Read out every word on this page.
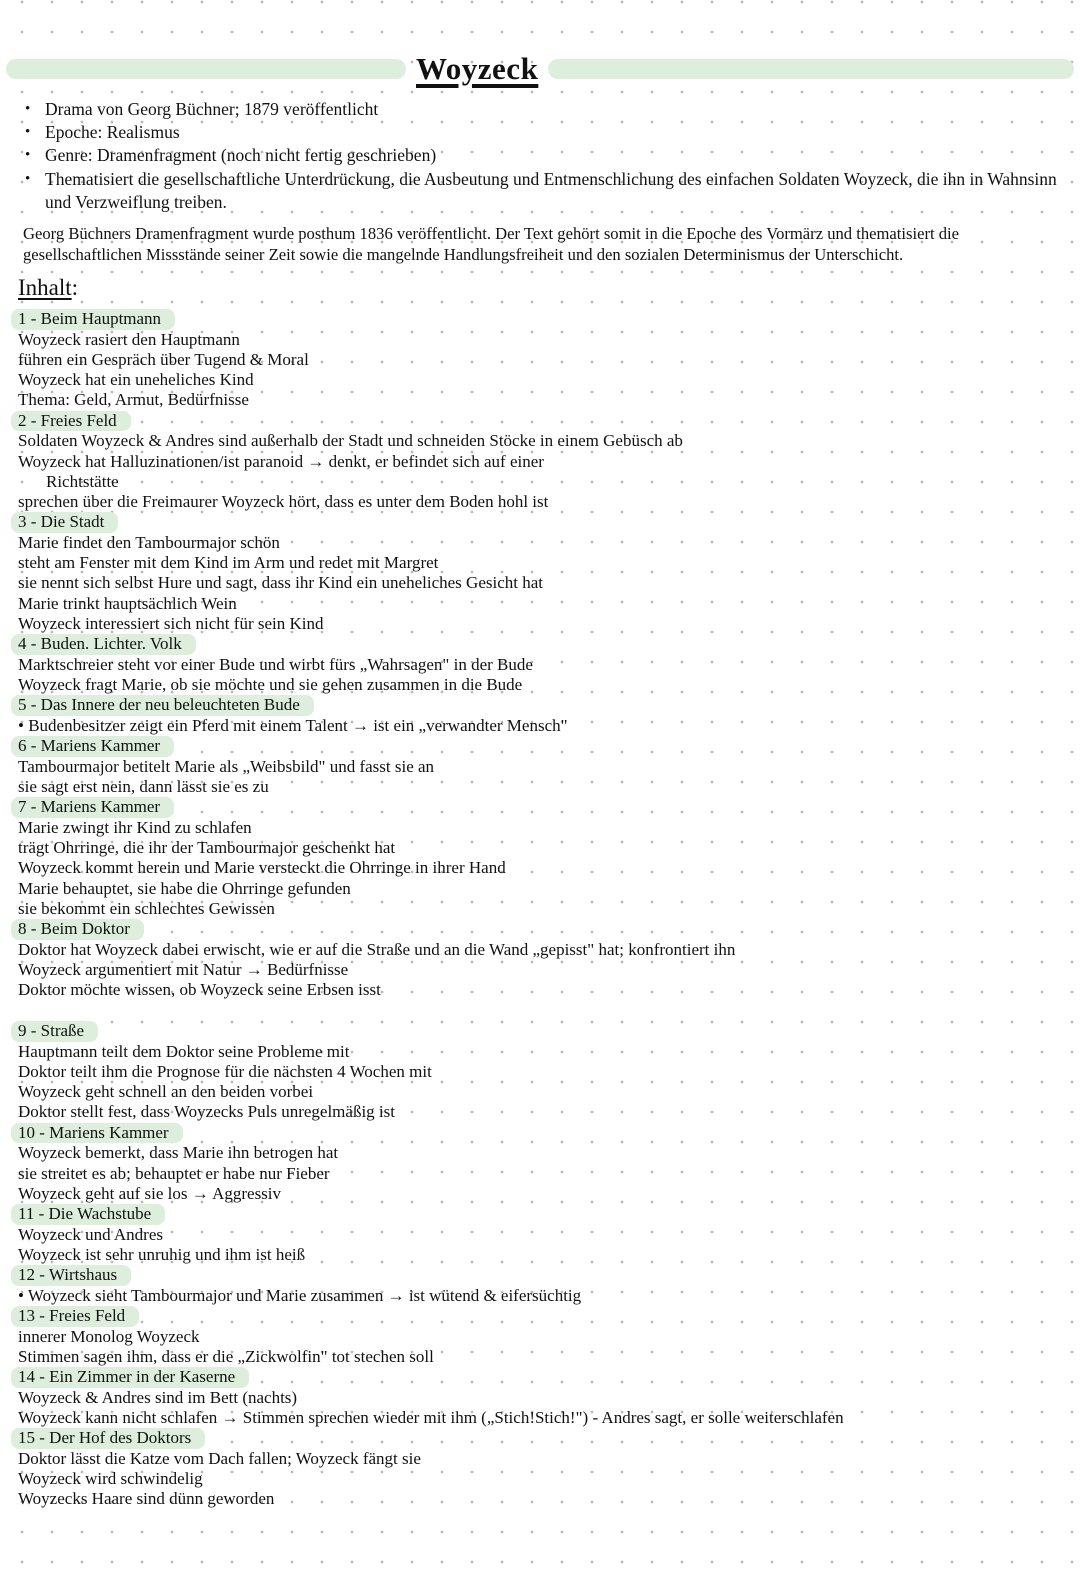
Woyzeck
• Drama von Georg Büchner; 1879 veröffentlicht
• Epoche: Realismus
• Genre: Dramenfragment (noch nicht fertig geschrieben)
• Thematisiert die gesellschaftliche Unterdrückung, die Ausbeutung und Entmenschlichung des einfachen Soldaten Woyzeck, die ihn in Wahnsinn und Verzweiflung treiben.

Georg Büchners Dramenfragment wurde posthum 1836 veröffentlicht. Der Text gehört somit in die Epoche des Vormärz und thematisiert die gesellschaftlichen Missstände seiner Zeit sowie die mangelnde Handlungsfreiheit und den sozialen Determinismus der Unterschicht.

Inhalt:
1 - Beim Hauptmann
Woyzeck rasiert den Hauptmann
führen ein Gespräch über Tugend & Moral
Woyzeck hat ein uneheliches Kind
Thema: Geld, Armut, Bedürfnisse
2 - Freies Feld
Soldaten Woyzeck & Andres sind außerhalb der Stadt und schneiden Stöcke in einem Gebüsch ab
Woyzeck hat Halluzinationen/ist paranoid → denkt, er befindet sich auf einer
Richtstätte
sprechen über die Freimaurer Woyzeck hört, dass es unter dem Boden hohl ist
3 - Die Stadt
Marie findet den Tambourmajor schön
steht am Fenster mit dem Kind im Arm und redet mit Margret
sie nennt sich selbst Hure und sagt, dass ihr Kind ein uneheliches Gesicht hat
Marie trinkt hauptsächlich Wein
Woyzeck interessiert sich nicht für sein Kind
4 - Buden. Lichter. Volk
Marktschreier steht vor einer Bude und wirbt fürs „Wahrsagen" in der Bude
Woyzeck fragt Marie, ob sie möchte und sie gehen zusammen in die Bude
5 - Das Innere der neu beleuchteten Bude
• Budenbesitzer zeigt ein Pferd mit einem Talent → ist ein „verwandter Mensch"
6 - Mariens Kammer
Tambourmajor betitelt Marie als „Weibsbild" und fasst sie an
sie sagt erst nein, dann lässt sie es zu
7 - Mariens Kammer
Marie zwingt ihr Kind zu schlafen
trägt Ohrringe, die ihr der Tambourmajor geschenkt hat
Woyzeck kommt herein und Marie versteckt die Ohrringe in ihrer Hand
Marie behauptet, sie habe die Ohrringe gefunden
sie bekommt ein schlechtes Gewissen
8 - Beim Doktor
Doktor hat Woyzeck dabei erwischt, wie er auf die Straße und an die Wand „gepisst" hat; konfrontiert ihn
Woyzeck argumentiert mit Natur → Bedürfnisse
Doktor möchte wissen, ob Woyzeck seine Erbsen isst
9 - Straße
Hauptmann teilt dem Doktor seine Probleme mit
Doktor teilt ihm die Prognose für die nächsten 4 Wochen mit
Woyzeck geht schnell an den beiden vorbei
Doktor stellt fest, dass Woyzecks Puls unregelmäßig ist
10 - Mariens Kammer
Woyzeck bemerkt, dass Marie ihn betrogen hat
sie streitet es ab; behauptet er habe nur Fieber
Woyzeck geht auf sie los → Aggressiv
11 - Die Wachstube
Woyzeck und Andres
Woyzeck ist sehr unruhig und ihm ist heiß
12 - Wirtshaus
• Woyzeck sieht Tambourmajor und Marie zusammen → ist wütend & eifersüchtig
13 - Freies Feld
innerer Monolog Woyzeck
Stimmen sagen ihm, dass er die „Zickwolfin" tot stechen soll
14 - Ein Zimmer in der Kaserne
Woyzeck & Andres sind im Bett (nachts)
Woyzeck kann nicht schlafen → Stimmen sprechen wieder mit ihm („Stich!Stich!") - Andres sagt, er solle weiterschlafen
15 - Der Hof des Doktors
Doktor lässt die Katze vom Dach fallen; Woyzeck fängt sie
Woyzeck wird schwindelig
Woyzecks Haare sind dünn geworden
